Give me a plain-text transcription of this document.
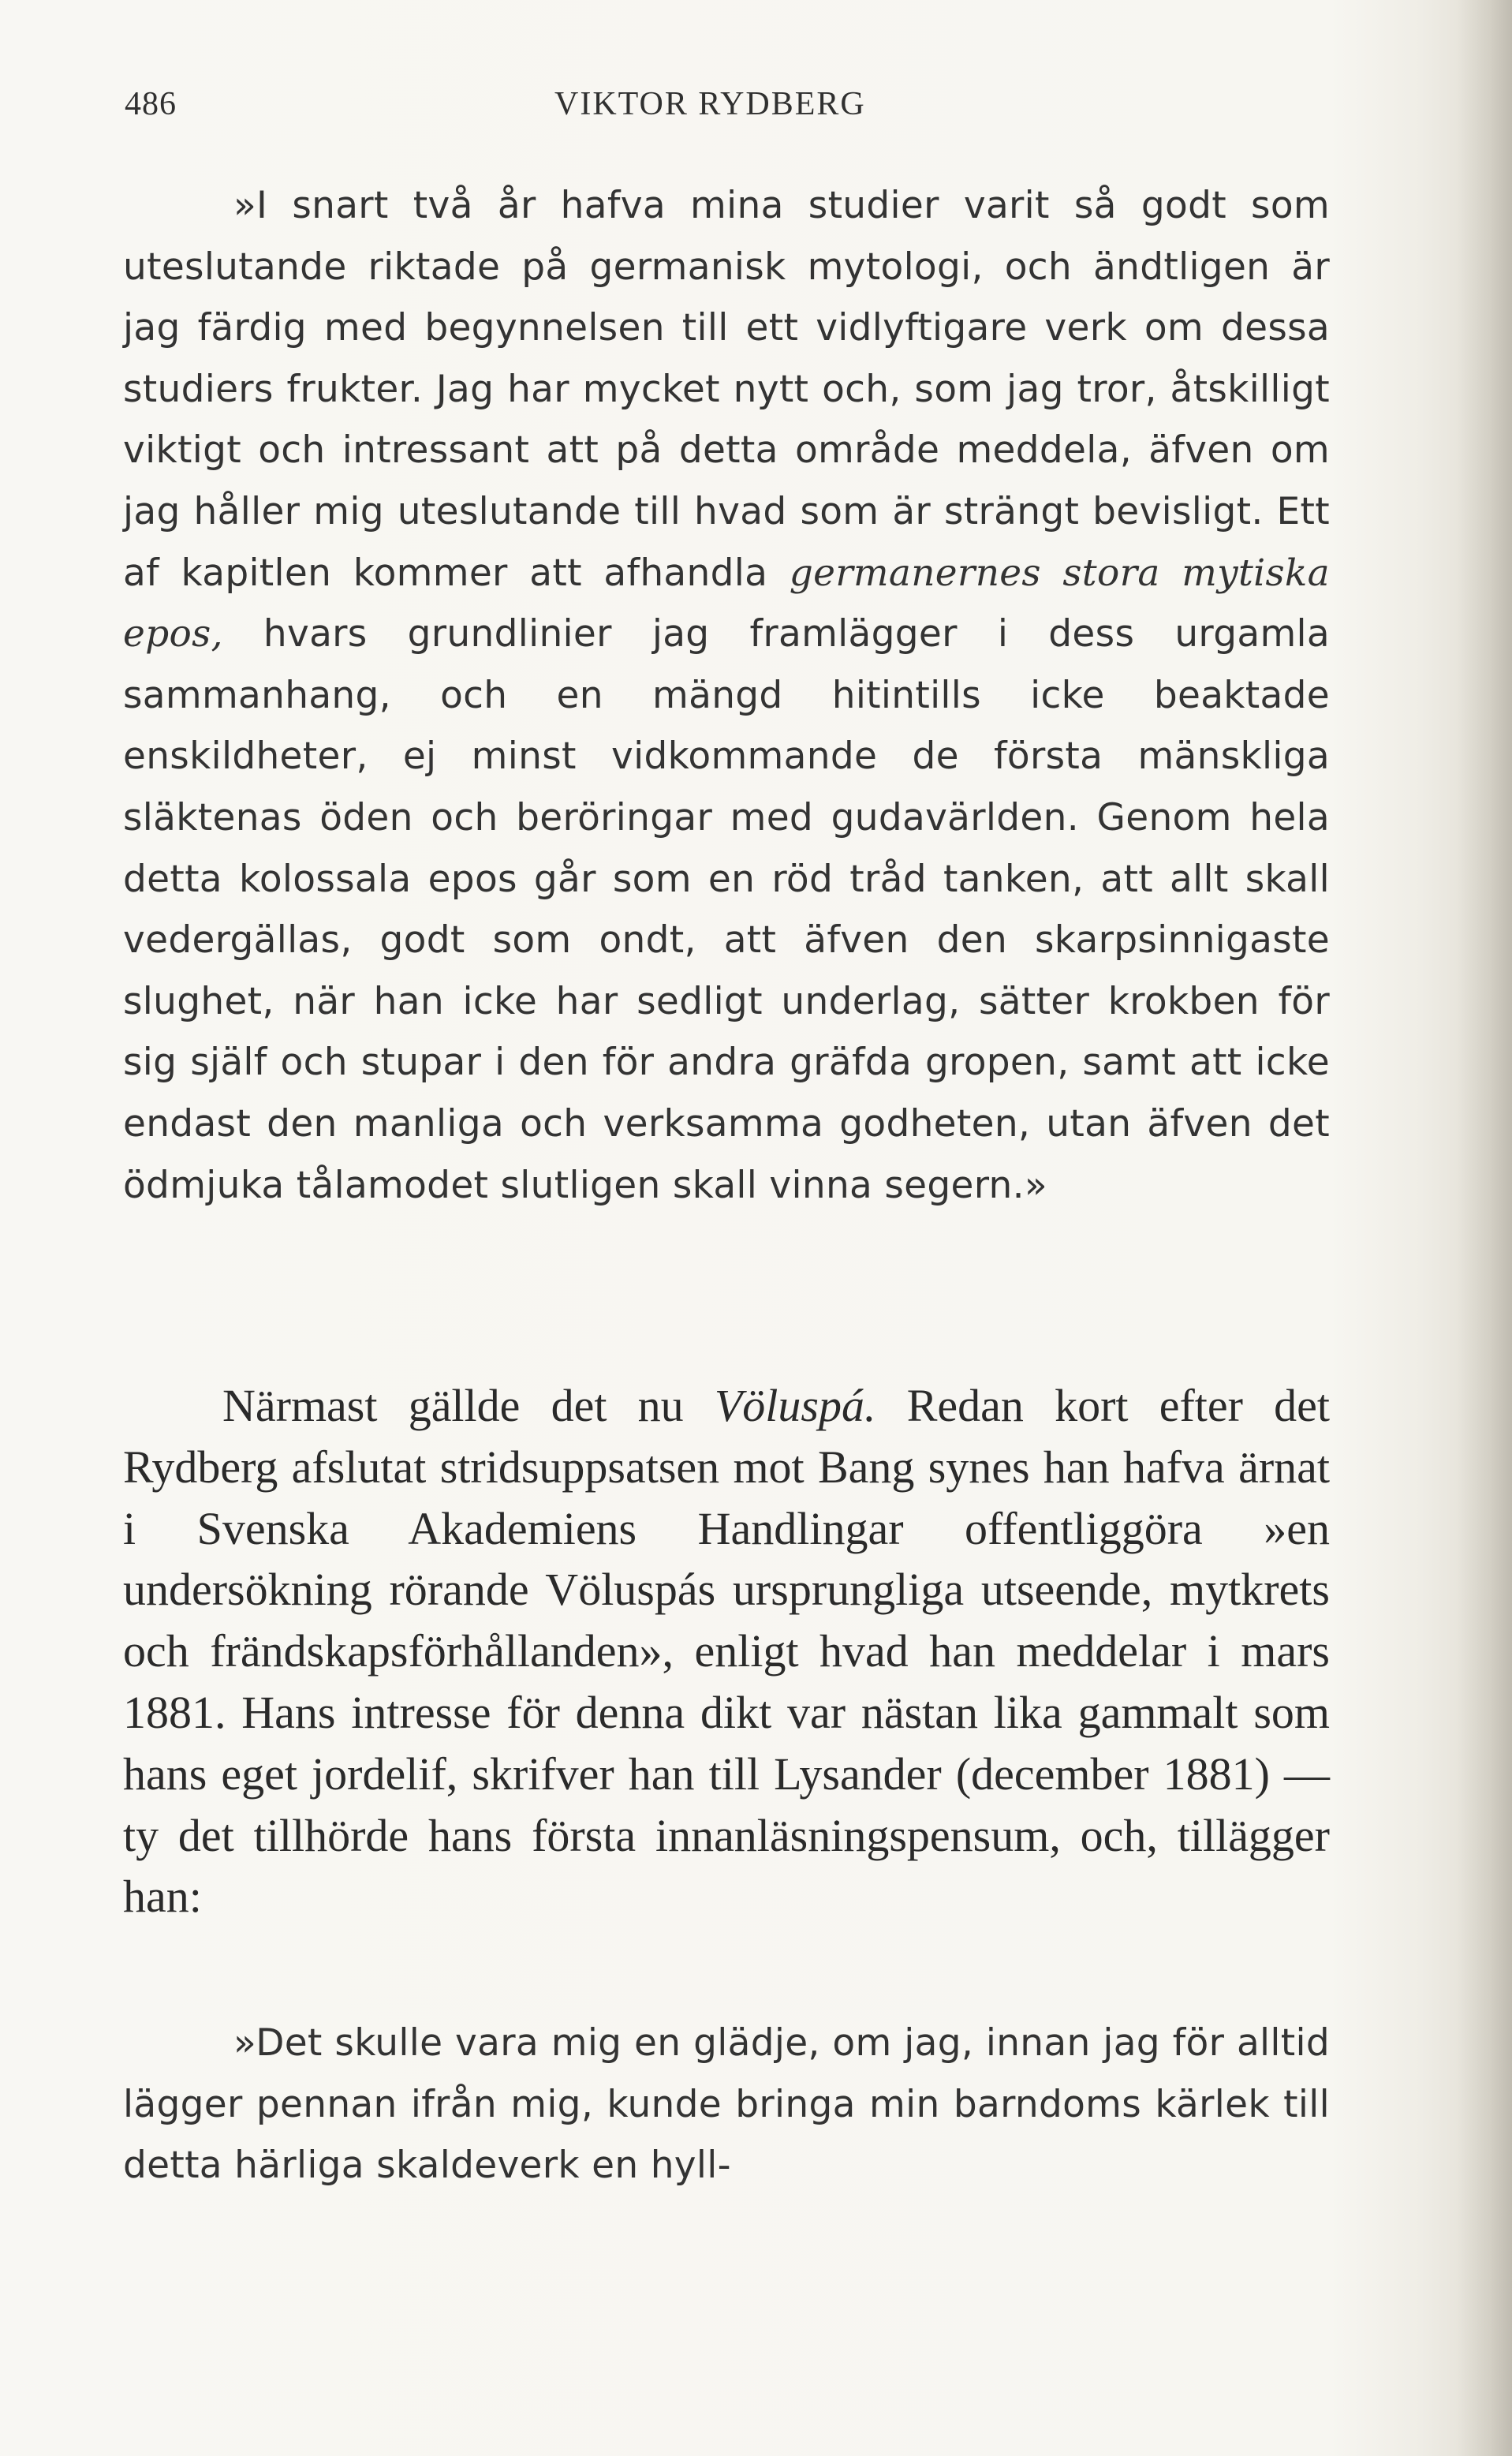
486	VIKTOR RYDBERG

»I snart två år hafva mina studier varit så godt som uteslutande riktade på germanisk mytologi, och ändtligen är jag färdig med begynnelsen till ett vidlyftigare verk om dessa studiers frukter. Jag har mycket nytt och, som jag tror, åtskilligt viktigt och intressant att på detta område meddela, äfven om jag håller mig uteslutande till hvad som är strängt bevisligt. Ett af kapitlen kommer att afhandla germanernes stora mytiska epos, hvars grundlinier jag framlägger i dess urgamla sammanhang, och en mängd hitintills icke beaktade enskildheter, ej minst vidkommande de första mänskliga släktenas öden och beröringar med gudavärlden. Genom hela detta kolossala epos går som en röd tråd tanken, att allt skall vedergällas, godt som ondt, att äfven den skarpsinnigaste slughet, när han icke har sedligt underlag, sätter krokben för sig själf och stupar i den för andra gräfda gropen, samt att icke endast den manliga och verksamma godheten, utan äfven det ödmjuka tålamodet slutligen skall vinna segern.»

Närmast gällde det nu Völuspá. Redan kort efter det Rydberg afslutat stridsuppsatsen mot Bang synes han hafva ärnat i Svenska Akademiens Handlingar offentliggöra »en undersökning rörande Völuspás ursprungliga utseende, mytkrets och frändskapsförhållanden», enligt hvad han meddelar i mars 1881. Hans intresse för denna dikt var nästan lika gammalt som hans eget jordelif, skrifver han till Lysander (december 1881) — ty det tillhörde hans första innanläsningspensum, och, tillägger han:

»Det skulle vara mig en glädje, om jag, innan jag för alltid lägger pennan ifrån mig, kunde bringa min barndoms kärlek till detta härliga skaldeverk en hyll-
